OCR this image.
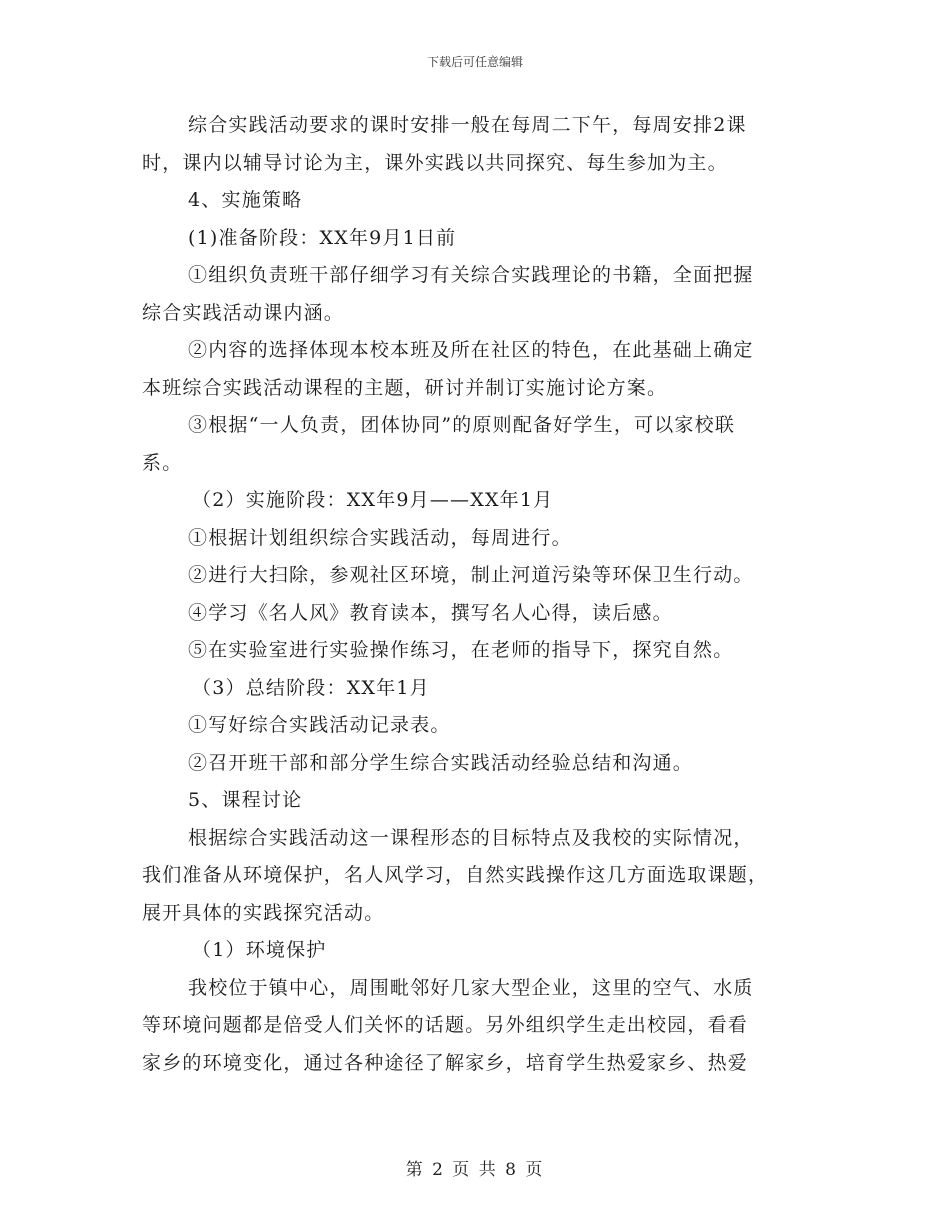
下载后可任意编辑
综合实践活动要求的课时安排一般在每周二下午，每周安排2课
时，课内以辅导讨论为主，课外实践以共同探究、每生参加为主。
4、实施策略
(1)准备阶段：XX年9月1日前
①组织负责班干部仔细学习有关综合实践理论的书籍，全面把握
综合实践活动课内涵。
②内容的选择体现本校本班及所在社区的特色，在此基础上确定
本班综合实践活动课程的主题，研讨并制订实施讨论方案。
③根据“一人负责，团体协同”的原则配备好学生，可以家校联
系。
（2）实施阶段：XX年9月——XX年1月
①根据计划组织综合实践活动，每周进行。
②进行大扫除，参观社区环境，制止河道污染等环保卫生行动。
④学习《名人风》教育读本，撰写名人心得，读后感。
⑤在实验室进行实验操作练习，在老师的指导下，探究自然。
（3）总结阶段：XX年1月
①写好综合实践活动记录表。
②召开班干部和部分学生综合实践活动经验总结和沟通。
5、课程讨论
根据综合实践活动这一课程形态的目标特点及我校的实际情况，
我们准备从环境保护，名人风学习，自然实践操作这几方面选取课题，
展开具体的实践探究活动。
（1）环境保护
我校位于镇中心，周围毗邻好几家大型企业，这里的空气、水质
等环境问题都是倍受人们关怀的话题。另外组织学生走出校园，看看
家乡的环境变化，通过各种途径了解家乡，培育学生热爱家乡、热爱
第 2 页 共 8 页
